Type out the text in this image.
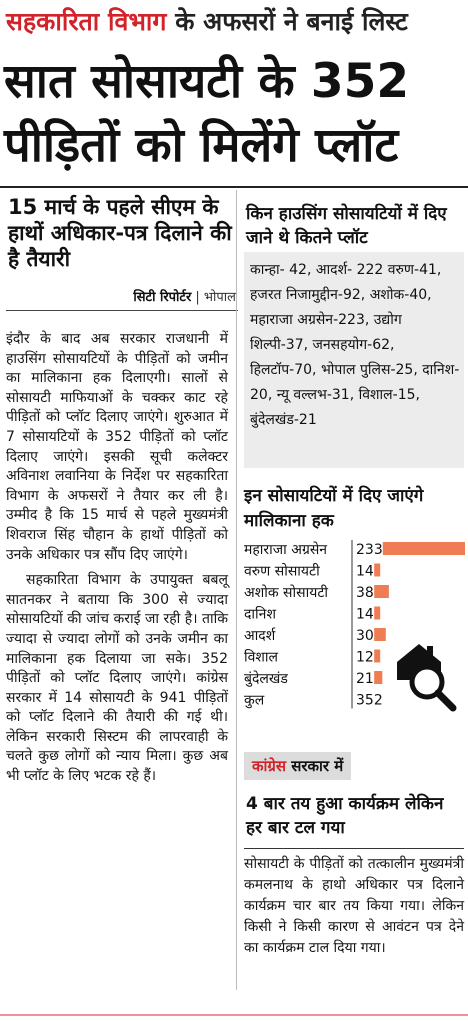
सहकारिता विभाग के अफसरों ने बनाई लिस्ट
सात सोसायटी के 352
पीड़ितों को मिलेंगे प्लॉट
15 मार्च के पहले सीएम के हाथों अधिकार-पत्र दिलाने की है तैयारी
सिटी रिपोर्टर | भोपाल

इंदौर के बाद अब सरकार राजधानी में हाउसिंग सोसायटियों के पीड़ितों को जमीन का मालिकाना हक दिलाएगी। सालों से सोसायटी माफियाओं के चक्कर काट रहे पीड़ितों को प्लॉट दिलाए जाएंगे। शुरुआत में 7 सोसायटियों के 352 पीड़ितों को प्लॉट दिलाए जाएंगे। इसकी सूची कलेक्टर अविनाश लवानिया के निर्देश पर सहकारिता विभाग के अफसरों ने तैयार कर ली है। उम्मीद है कि 15 मार्च से पहले मुख्यमंत्री शिवराज सिंह चौहान के हाथों पीड़ितों को उनके अधिकार पत्र सौंप दिए जाएंगे।

सहकारिता विभाग के उपायुक्त बबलू सातनकर ने बताया कि 300 से ज्यादा सोसायटियों की जांच कराई जा रही है। ताकि ज्यादा से ज्यादा लोगों को उनके जमीन का मालिकाना हक दिलाया जा सके। 352 पीड़ितों को प्लॉट दिलाए जाएंगे। कांग्रेस सरकार में 14 सोसायटी के 941 पीड़ितों को प्लॉट दिलाने की तैयारी की गई थी। लेकिन सरकारी सिस्टम की लापरवाही के चलते कुछ लोगों को न्याय मिला। कुछ अब भी प्लॉट के लिए भटक रहे हैं।

किन हाउसिंग सोसायटियों में दिए जाने थे कितने प्लॉट
कान्हा- 42, आदर्श- 222 वरुण-41, हजरत निजामुद्दीन-92, अशोक-40, महाराजा अग्रसेन-223, उद्योग शिल्पी-37, जनसहयोग-62, हिलटॉप-70, भोपाल पुलिस-25, दानिश- 20, न्यू वल्लभ-31, विशाल-15, बुंदेलखंड-21
इन सोसायटियों में दिए जाएंगे मालिकाना हक
महाराजा अग्रसेन 233
वरुण सोसायटी	14
अशोक सोसायटी 38
दानिश	14
आदर्श	30
विशाल	12
बुंदेलखंड	21
कुल	352
कांग्रेस सरकार में
4 बार तय हुआ कार्यक्रम लेकिन हर बार टल गया
सोसायटी के पीड़ितों को तत्कालीन मुख्यमंत्री कमलनाथ के हाथो अधिकार पत्र दिलाने कार्यक्रम चार बार तय किया गया। लेकिन किसी ने किसी कारण से आवंटन पत्र देने का कार्यक्रम टाल दिया गया।
